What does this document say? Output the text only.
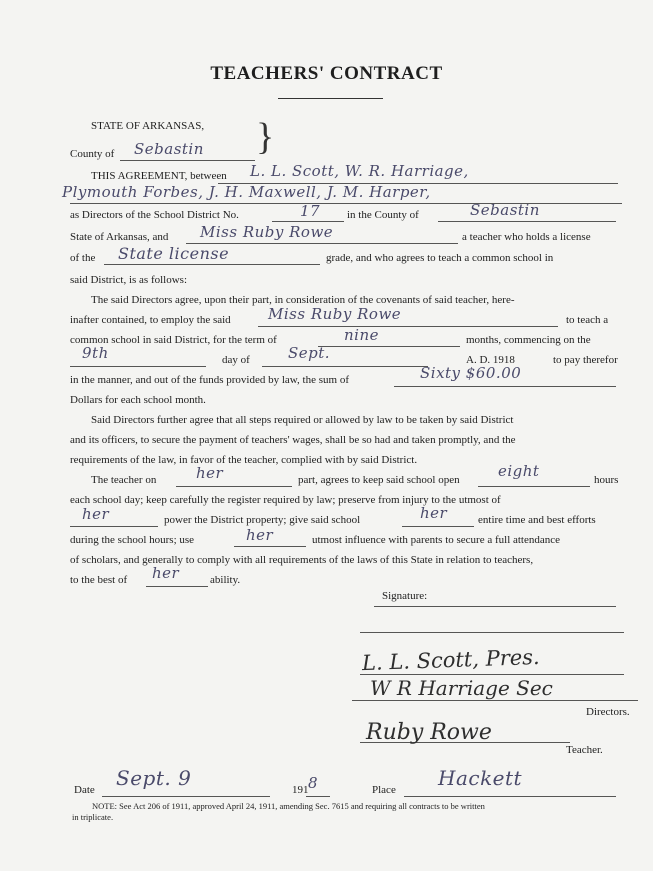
TEACHERS' CONTRACT
STATE OF ARKANSAS,
County of Sebastin }
THIS AGREEMENT, between L. L. Scott, W. R. Harriage,
Plymouth Forbes, J. H. Maxwell, J. M. Harper,
as Directors of the School District No.	17 in the County of	Sebastin
State of Arkansas, and Miss Ruby Rowe	a teacher who holds a license
of the State license	grade, and who agrees to teach a common school in
said District, is as follows:
The said Directors agree, upon their part, in consideration of the covenants of said teacher, here-
inafter contained, to employ the said Miss Ruby Rowe	to teach a
common school in said District, for the term of	nine	months, commencing on the
9th	day of	Sept.	A. D. 1918	to pay therefor
in the manner, and out of the funds provided by law, the sum of	Sixty $60.00
Dollars for each school month.
Said Directors further agree that all steps required or allowed by law to be taken by said District
and its officers, to secure the payment of teachers' wages, shall be so had and taken promptly, and the
requirements of the law, in favor of the teacher, complied with by said District.
The teacher on	her	part, agrees to keep said school open	eight	hours
each school day; keep carefully the register required by law; preserve from injury to the utmost of
her	power the District property; give said school	her	entire time and best efforts
during the school hours; use	her	utmost influence with parents to secure a full attendance
of scholars, and generally to comply with all requirements of the laws of this State in relation to teachers,
to the best of her	ability.
Signature:
L. L. Scott, Pres.
W R Harriage Sec
Directors.
Ruby Rowe
Teacher.
Date Sept. 9	191 8	Place Hackett
NOTE: See Act 206 of 1911, approved April 24, 1911, amending Sec. 7615 and requiring all contracts to be written
in triplicate.
